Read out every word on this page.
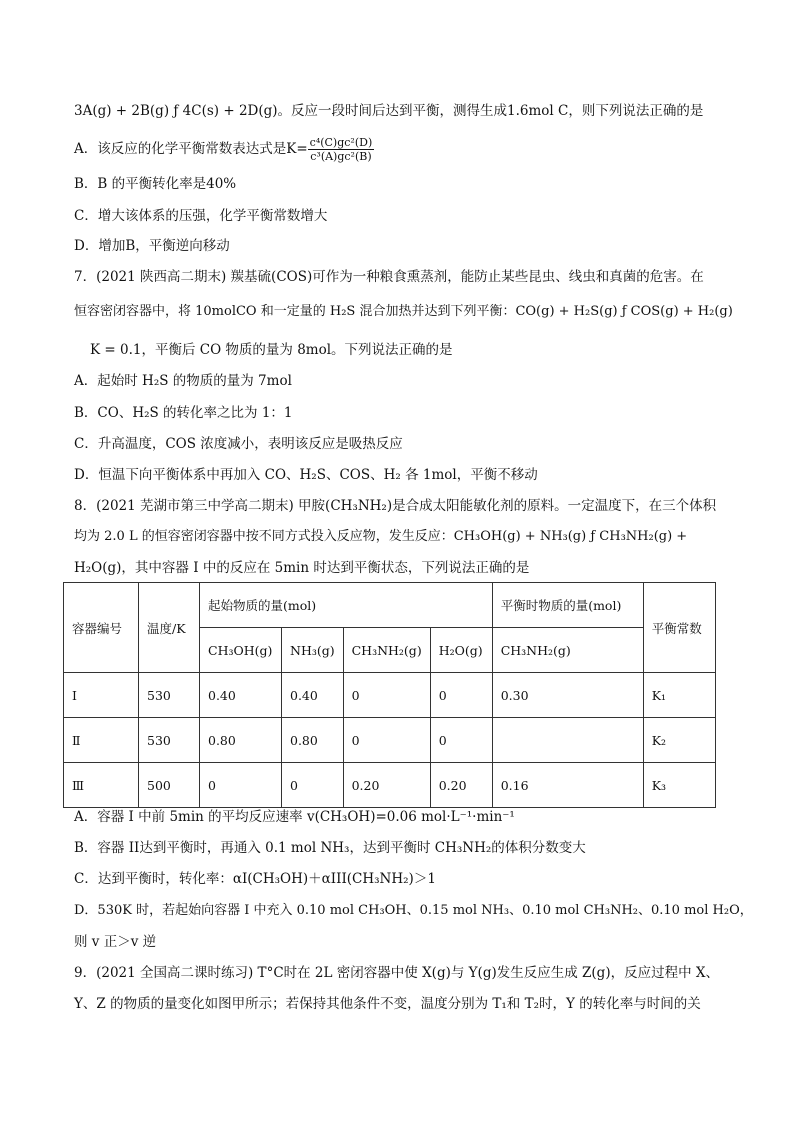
3A(g) + 2B(g) ƒ 4C(s) + 2D(g)。反应一段时间后达到平衡，测得生成1.6mol C，则下列说法正确的是
A．该反应的化学平衡常数表达式是$K= \frac{\text{c⁴(C)gc²(D)}}{\text{c³(A)gc²(B)}}$
B．B 的平衡转化率是40%
C．增大该体系的压强，化学平衡常数增大
D．增加B，平衡逆向移动
7．(2021 陕西高二期末) 羰基硫(COS)可作为一种粮食熏蒸剂，能防止某些昆虫、线虫和真菌的危害。在
恒容密闭容器中，将 10molCO 和一定量的 H₂S 混合加热并达到下列平衡：CO(g) + H₂S(g) ƒ COS(g) + H₂(g)
K = 0.1，平衡后 CO 物质的量为 8mol。下列说法正确的是
A．起始时 H₂S 的物质的量为 7mol
B．CO、H₂S 的转化率之比为 1：1
C．升高温度，COS 浓度减小，表明该反应是吸热反应
D．恒温下向平衡体系中再加入 CO、H₂S、COS、H₂ 各 1mol，平衡不移动
8．(2021 芜湖市第三中学高二期末) 甲胺(CH₃NH₂)是合成太阳能敏化剂的原料。一定温度下，在三个体积
均为 2.0 L 的恒容密闭容器中按不同方式投入反应物，发生反应：CH₃OH(g) + NH₃(g) ƒ CH₃NH₂(g) +
H₂O(g)，其中容器 I 中的反应在 5min 时达到平衡状态，下列说法正确的是
容器编号	温度/K	起始物质的量(mol)				平衡时物质的量(mol)	平衡常数
		CH₃OH(g)	NH₃(g)	CH₃NH₂(g)	H₂O(g)	CH₃NH₂(g)	
Ⅰ	530	0.40	0.40	0	0	0.30	K₁
Ⅱ	530	0.80	0.80	0	0		K₂
Ⅲ	500	0	0	0.20	0.20	0.16	K₃
A．容器 I 中前 5min 的平均反应速率 v(CH₃OH)=0.06 mol·L⁻¹·min⁻¹
B．容器 II达到平衡时，再通入 0.1 mol NH₃，达到平衡时 CH₃NH₂的体积分数变大
C．达到平衡时，转化率：αI(CH₃OH)＋αIII(CH₃NH₂)＞1
D．530K 时，若起始向容器 I 中充入 0.10 mol CH₃OH、0.15 mol NH₃、0.10 mol CH₃NH₂、0.10 mol H₂O，
则 v 正＞v 逆
9．(2021 全国高二课时练习) T°C时在 2L 密闭容器中使 X(g)与 Y(g)发生反应生成 Z(g)，反应过程中 X、
Y、Z 的物质的量变化如图甲所示；若保持其他条件不变，温度分别为 T₁和 T₂时，Y 的转化率与时间的关
